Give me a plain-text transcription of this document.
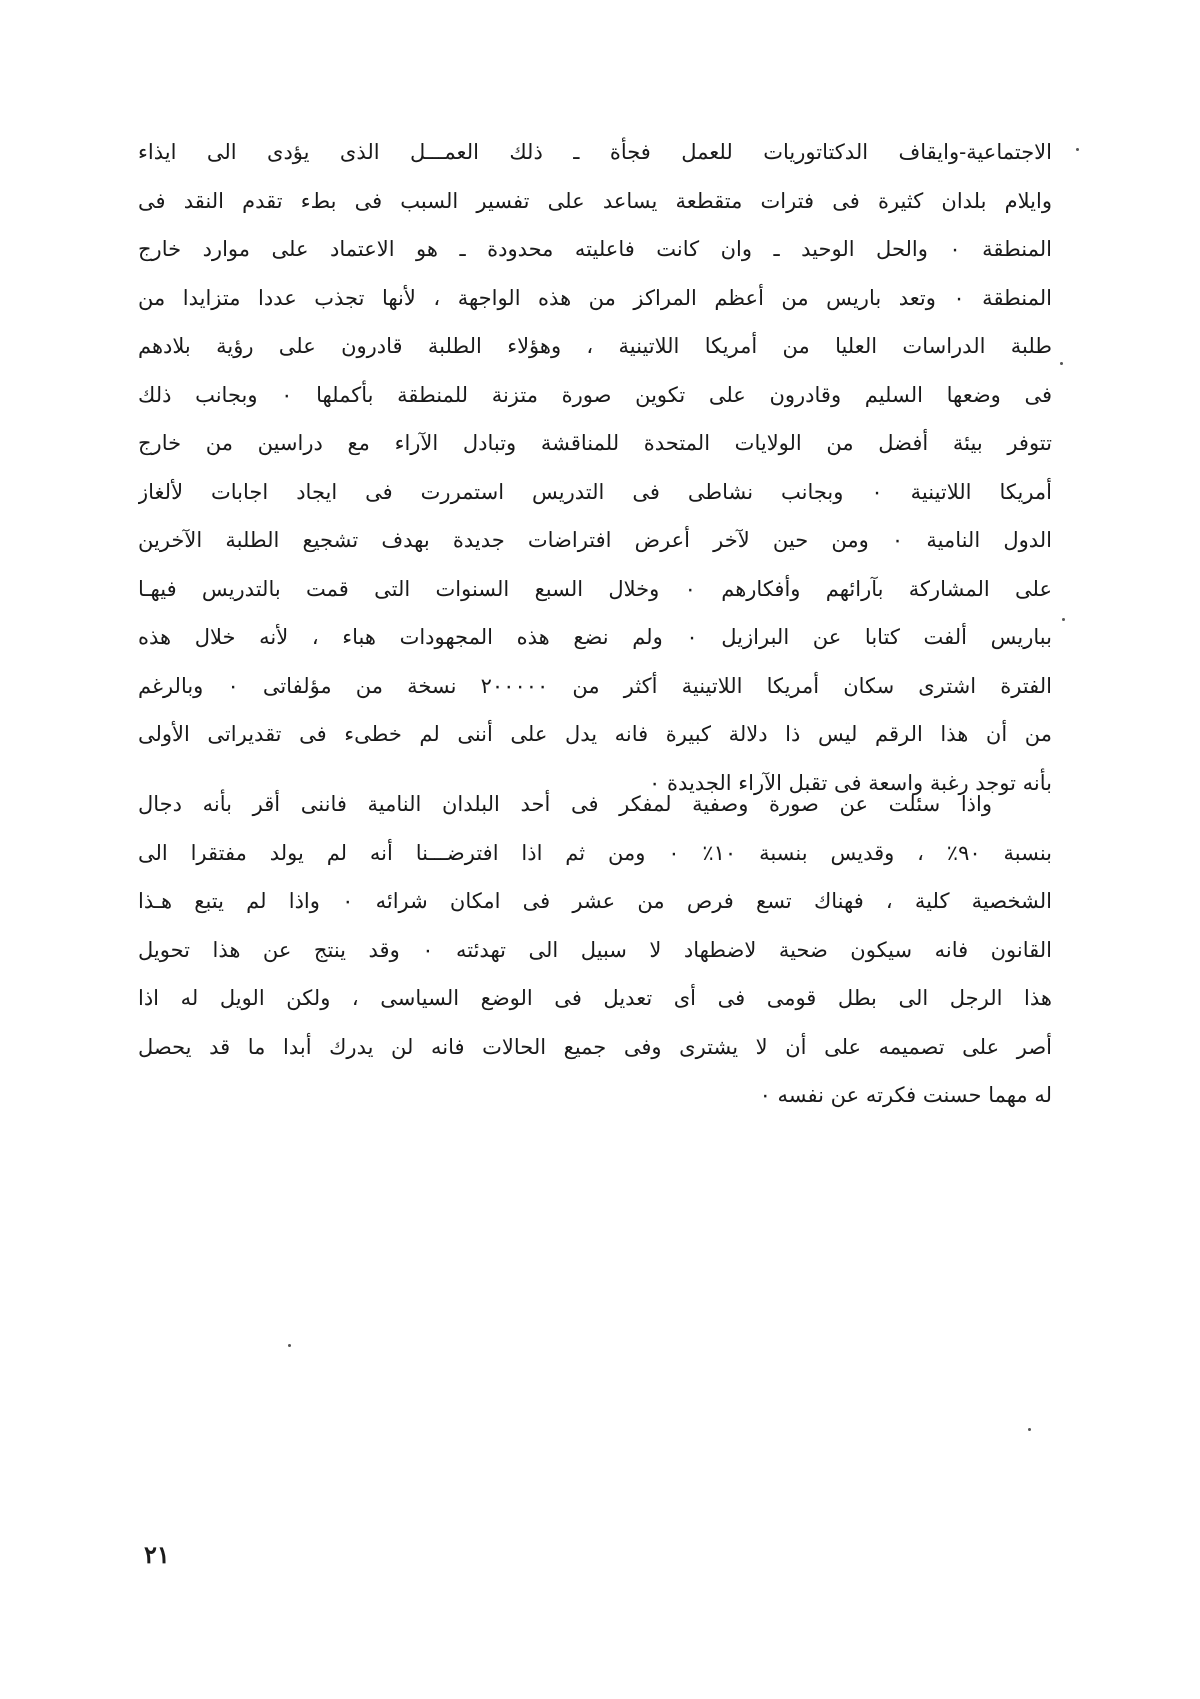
الاجتماعية-وايقاف الدكتاتوريات للعمل فجأة ـ ذلك العمـــل الذى يؤدى الى ايذاء
وايلام بلدان كثيرة فى فترات متقطعة يساعد على تفسير السبب فى بطء تقدم النقد فى
المنطقة ٠ والحل الوحيد ـ وان كانت فاعليته محدودة ـ هو الاعتماد على موارد خارج
المنطقة ٠ وتعد باريس من أعظم المراكز من هذه الواجهة ، لأنها تجذب عددا متزايدا من
طلبة الدراسات العليا من أمريكا اللاتينية ، وهؤلاء الطلبة قادرون على رؤية بلادهم
فى وضعها السليم وقادرون على تكوين صورة متزنة للمنطقة بأكملها ٠ وبجانب ذلك
تتوفر بيئة أفضل من الولايات المتحدة للمناقشة وتبادل الآراء مع دراسين من خارج
أمريكا اللاتينية ٠ وبجانب نشاطى فى التدريس استمررت فى ايجاد اجابات لألغاز
الدول النامية ٠ ومن حين لآخر أعرض افتراضات جديدة بهدف تشجيع الطلبة الآخرين
على المشاركة بآرائهم وأفكارهم ٠ وخلال السبع السنوات التى قمت بالتدريس فيهـا
بباريس ألفت كتابا عن البرازيل ٠ ولم نضع هذه المجهودات هباء ، لأنه خلال هذه
الفترة اشترى سكان أمريكا اللاتينية أكثر من ٢٠٠٠٠٠ نسخة من مؤلفاتى ٠ وبالرغم
من أن هذا الرقم ليس ذا دلالة كبيرة فانه يدل على أننى لم خطىء فى تقديراتى الأولى
بأنه توجد رغبة واسعة فى تقبل الآراء الجديدة ٠
واذا سئلت عن صورة وصفية لمفكر فى أحد البلدان النامية فاننى أقر بأنه دجال
بنسبة ٩٠٪ ، وقديس بنسبة ١٠٪ ٠ ومن ثم اذا افترضـــنا أنه لم يولد مفتقرا الى
الشخصية كلية ، فهناك تسع فرص من عشر فى امكان شرائه ٠ واذا لم يتبع هـذا
القانون فانه سيكون ضحية لاضطهاد لا سبيل الى تهدئته ٠ وقد ينتج عن هذا تحويل
هذا الرجل الى بطل قومى فى أى تعديل فى الوضع السياسى ، ولكن الويل له اذا
أصر على تصميمه على أن لا يشترى وفى جميع الحالات فانه لن يدرك أبدا ما قد يحصل
له مهما حسنت فكرته عن نفسه ٠
٢١
